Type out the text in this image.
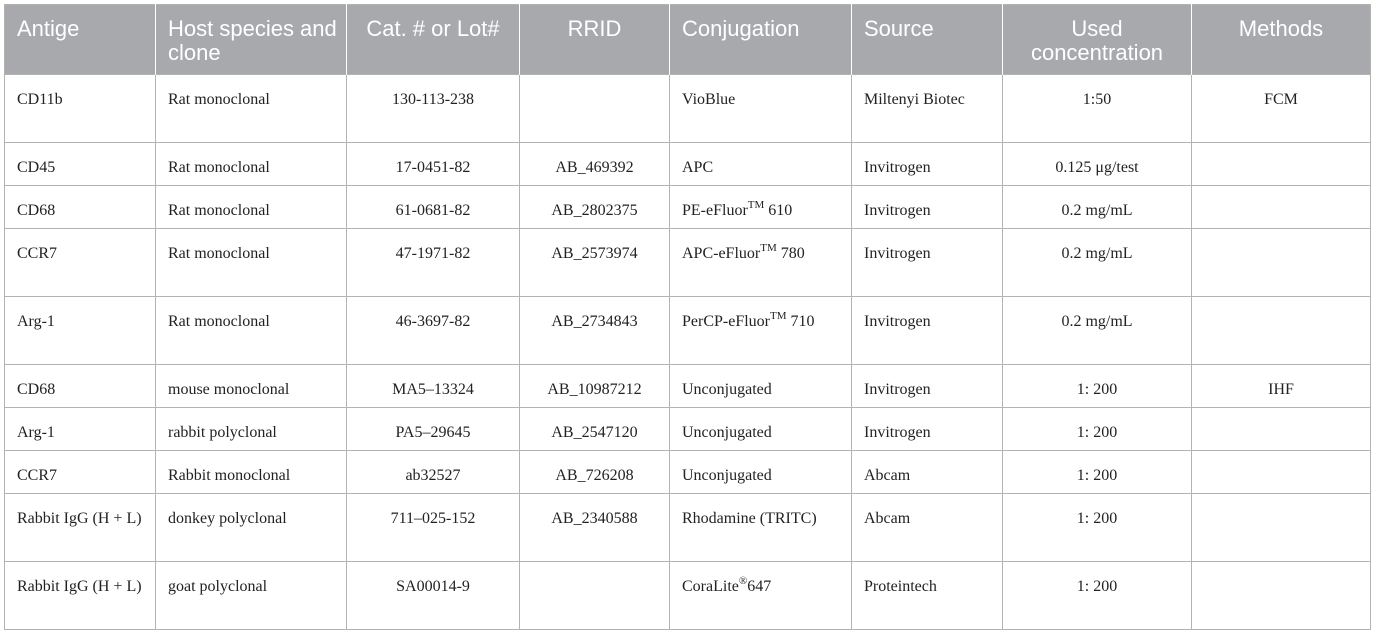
Antige	Host species and clone	Cat. # or Lot#	RRID	Conjugation	Source	Used concentration	Methods
CD11b	Rat monoclonal	130-113-238		VioBlue	Miltenyi Biotec	1:50	FCM
CD45	Rat monoclonal	17-0451-82	AB_469392	APC	Invitrogen	0.125 μg/test	
CD68	Rat monoclonal	61-0681-82	AB_2802375	PE-eFluor™ 610	Invitrogen	0.2 mg/mL	
CCR7	Rat monoclonal	47-1971-82	AB_2573974	APC-eFluor™ 780	Invitrogen	0.2 mg/mL	
Arg-1	Rat monoclonal	46-3697-82	AB_2734843	PerCP-eFluor™ 710	Invitrogen	0.2 mg/mL	
CD68	mouse monoclonal	MA5–13324	AB_10987212	Unconjugated	Invitrogen	1: 200	IHF
Arg-1	rabbit polyclonal	PA5–29645	AB_2547120	Unconjugated	Invitrogen	1: 200	
CCR7	Rabbit monoclonal	ab32527	AB_726208	Unconjugated	Abcam	1: 200	
Rabbit IgG (H + L)	donkey polyclonal	711–025-152	AB_2340588	Rhodamine (TRITC)	Abcam	1: 200	
Rabbit IgG (H + L)	goat polyclonal	SA00014-9		CoraLite®647	Proteintech	1: 200	
